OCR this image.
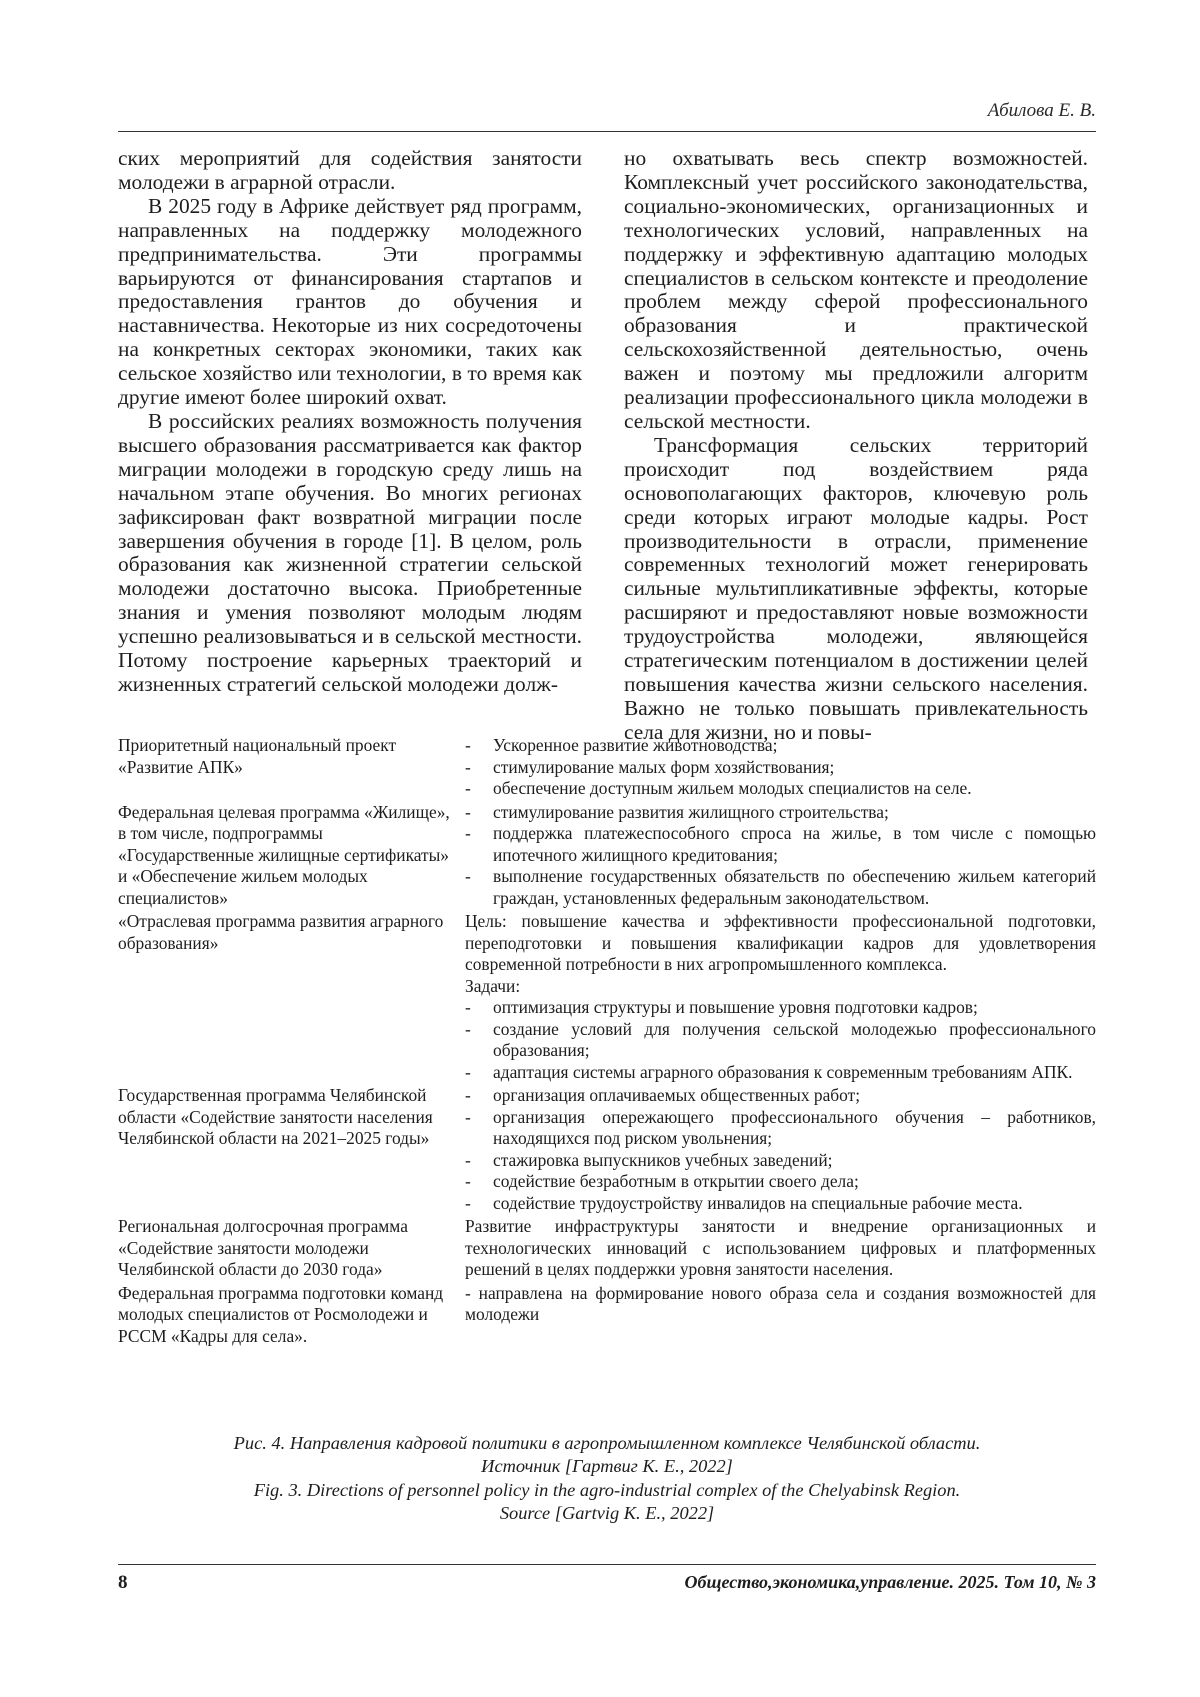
Абилова Е. В.

ских мероприятий для содействия занятости молодежи в аграрной отрасли.

В 2025 году в Африке действует ряд программ, направленных на поддержку молодежного предпринимательства. Эти программы варьируются от финансирования стартапов и предоставления грантов до обучения и наставничества. Некоторые из них сосредоточены на конкретных секторах экономики, таких как сельское хозяйство или технологии, в то время как другие имеют более широкий охват.

В российских реалиях возможность получения высшего образования рассматривается как фактор миграции молодежи в городскую среду лишь на начальном этапе обучения. Во многих регионах зафиксирован факт возвратной миграции после завершения обучения в городе [1]. В целом, роль образования как жизненной стратегии сельской молодежи достаточно высока. Приобретенные знания и умения позволяют молодым людям успешно реализовываться и в сельской местности. Потому построение карьерных траекторий и жизненных стратегий сельской молодежи долж-

но охватывать весь спектр возможностей. Комплексный учет российского законодательства, социально-экономических, организационных и технологических условий, направленных на поддержку и эффективную адаптацию молодых специалистов в сельском контексте и преодоление проблем между сферой профессионального образования и практической сельскохозяйственной деятельностью, очень важен и поэтому мы предложили алгоритм реализации профессионального цикла молодежи в сельской местности.

Трансформация сельских территорий происходит под воздействием ряда основополагающих факторов, ключевую роль среди которых играют молодые кадры. Рост производительности в отрасли, применение современных технологий может генерировать сильные мультипликативные эффекты, которые расширяют и предоставляют новые возможности трудоустройства молодежи, являющейся стратегическим потенциалом в достижении целей повышения качества жизни сельского населения. Важно не только повышать привлекательность села для жизни, но и повы-

Приоритетный национальный проект «Развитие АПК»	- Ускоренное развитие животноводства;
- стимулирование малых форм хозяйствования;
- обеспечение доступным жильем молодых специалистов на селе.

Федеральная целевая программа «Жилище», в том числе, подпрограммы «Государственные жилищные сертификаты» и «Обеспечение жильем молодых специалистов»	- стимулирование развития жилищного строительства;
- поддержка платежеспособного спроса на жилье, в том числе с помощью ипотечного жилищного кредитования;
- выполнение государственных обязательств по обеспечению жильем категорий граждан, установленных федеральным законодательством.

«Отраслевая программа развития аграрного образования»	Цель: повышение качества и эффективности профессиональной подготовки, переподготовки и повышения квалификации кадров для удовлетворения современной потребности в них агропромышленного комплекса.
Задачи:
- оптимизация структуры и повышение уровня подготовки кадров;
- создание условий для получения сельской молодежью профессионального образования;
- адаптация системы аграрного образования к современным требованиям АПК.

Государственная программа Челябинской области «Содействие занятости населения Челябинской области на 2021–2025 годы»	- организация оплачиваемых общественных работ;
- организация опережающего профессионального обучения – работников, находящихся под риском увольнения;
- стажировка выпускников учебных заведений;
- содействие безработным в открытии своего дела;
- содействие трудоустройству инвалидов на специальные рабочие места.

Региональная долгосрочная программа «Содействие занятости молодежи Челябинской области до 2030 года»	Развитие инфраструктуры занятости и внедрение организационных и технологических инноваций с использованием цифровых и платформенных решений в целях поддержки уровня занятости населения.
Федеральная программа подготовки команд молодых специалистов от Росмолодежи и РССМ «Кадры для села».	- направлена на формирование нового образа села и создания возможностей для молодежи
Рис. 4. Направления кадровой политики в агропромышленном комплексе Челябинской области.
Источник [Гартвиг К. Е., 2022]
Fig. 3. Directions of personnel policy in the agro-industrial complex of the Chelyabinsk Region.
Source [Gartvig K. E., 2022]
8	Общество,экономика,управление. 2025. Том 10, № 3
